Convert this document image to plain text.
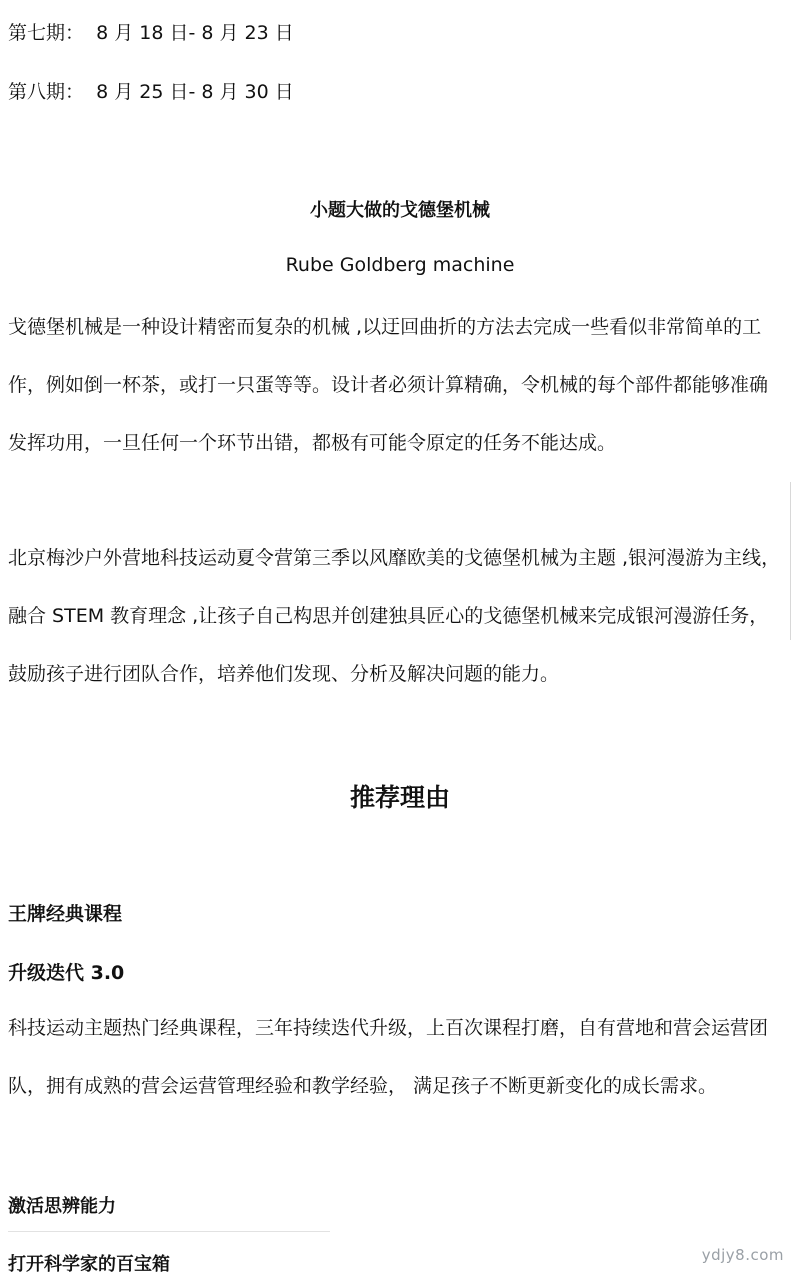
第七期： 8 月 18 日- 8 月 23 日
第八期： 8 月 25 日- 8 月 30 日
小题大做的戈德堡机械
Rube Goldberg machine
戈德堡机械是一种设计精密而复杂的机械 ,以迂回曲折的方法去完成一些看似非常简单的工
作，例如倒一杯茶，或打一只蛋等等。设计者必须计算精确，令机械的每个部件都能够准确
发挥功用，一旦任何一个环节出错，都极有可能令原定的任务不能达成。
北京梅沙户外营地科技运动夏令营第三季以风靡欧美的戈德堡机械为主题 ,银河漫游为主线，
融合 STEM 教育理念 ,让孩子自己构思并创建独具匠心的戈德堡机械来完成银河漫游任务，
鼓励孩子进行团队合作，培养他们发现、分析及解决问题的能力。
推荐理由
王牌经典课程
升级迭代 3.0
科技运动主题热门经典课程，三年持续迭代升级，上百次课程打磨，自有营地和营会运营团
队，拥有成熟的营会运营管理经验和教学经验， 满足孩子不断更新变化的成长需求。
激活思辨能力
打开科学家的百宝箱	ydjy8.com
